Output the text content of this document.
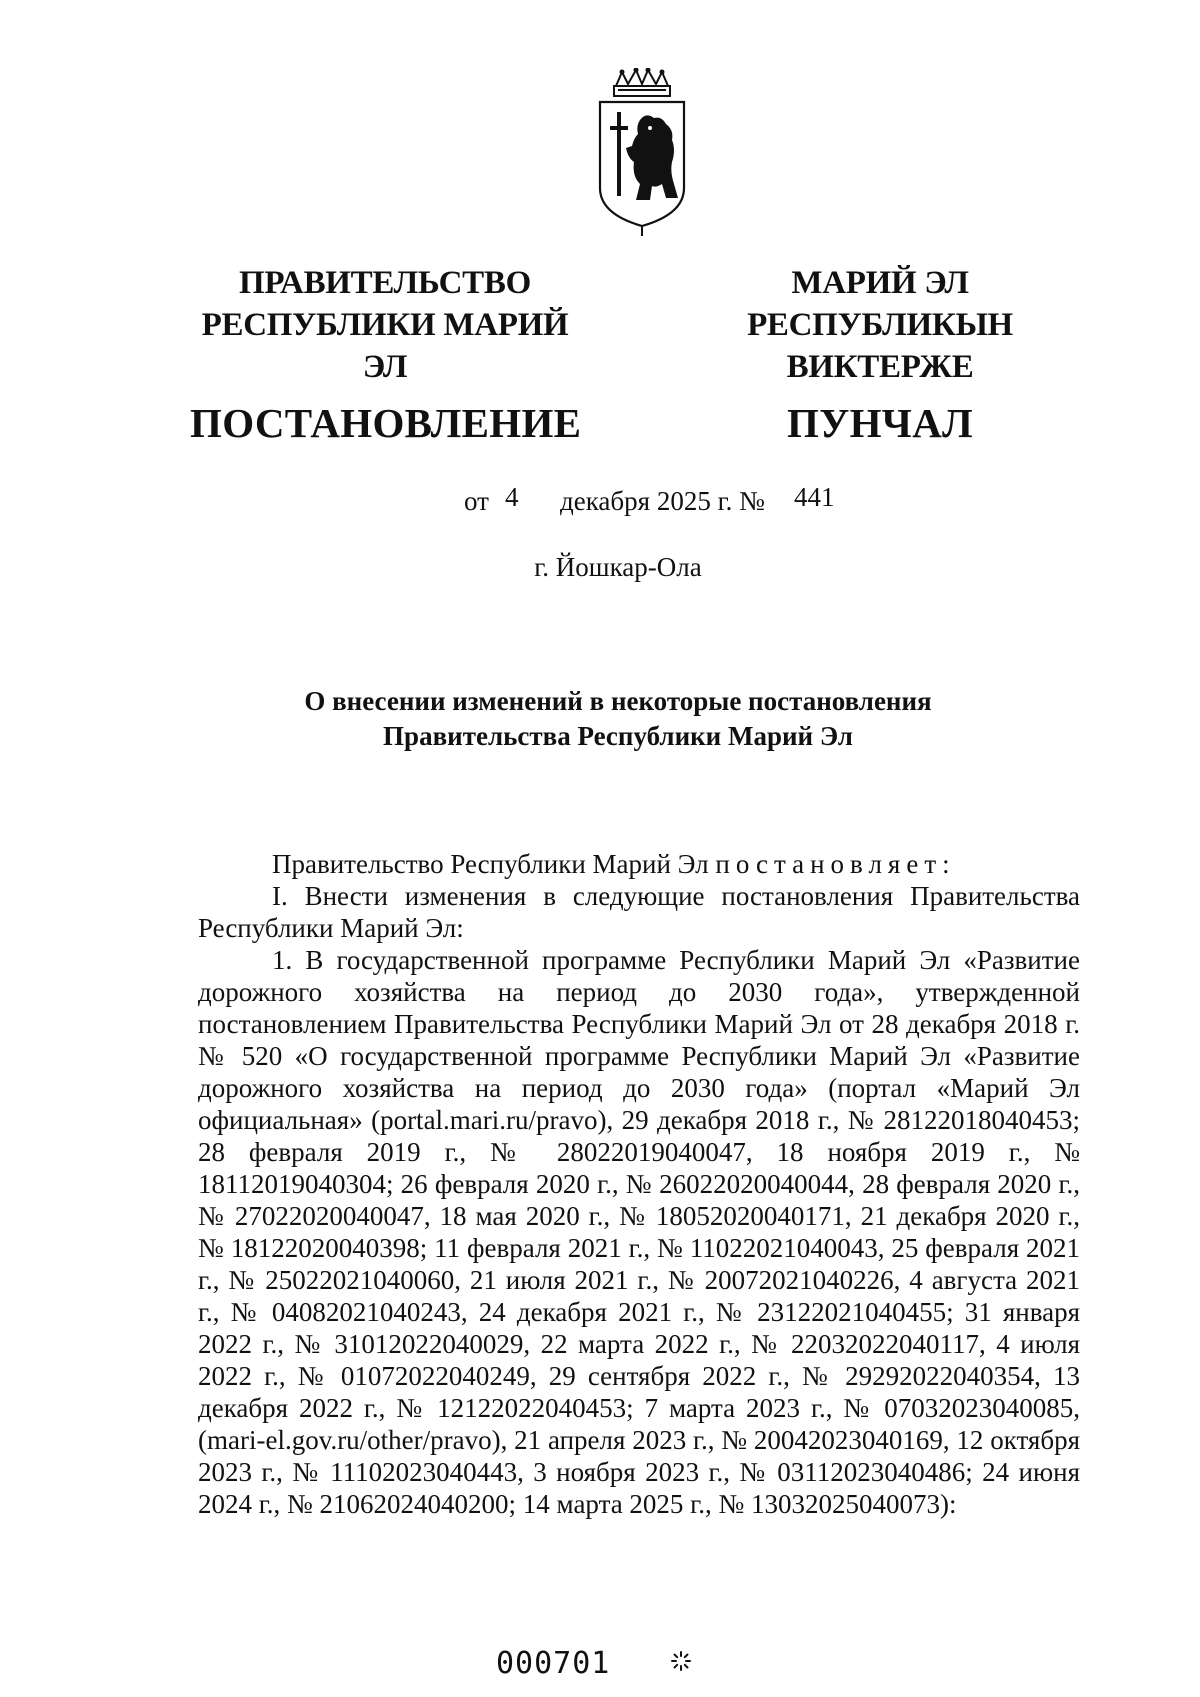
ПРАВИТЕЛЬСТВО
РЕСПУБЛИКИ МАРИЙ ЭЛ
ПОСТАНОВЛЕНИЕ
МАРИЙ ЭЛ РЕСПУБЛИКЫН
ВИКТЕРЖЕ
ПУНЧАЛ
от 4 декабря 2025 г. № 441
г. Йошкар-Ола
О внесении изменений в некоторые постановления
Правительства Республики Марий Эл

Правительство Республики Марий Эл постановляет:

I. Внести изменения в следующие постановления Правительства Республики Марий Эл:

1. В государственной программе Республики Марий Эл «Развитие дорожного хозяйства на период до 2030 года», утвержденной постановлением Правительства Республики Марий Эл от 28 декабря 2018 г. № 520 «О государственной программе Республики Марий Эл «Развитие дорожного хозяйства на период до 2030 года» (портал «Марий Эл официальная» (portal.mari.ru/pravo), 29 декабря 2018 г., № 28122018040453; 28 февраля 2019 г., № 28022019040047, 18 ноября 2019 г., № 18112019040304; 26 февраля 2020 г., № 26022020040044, 28 февраля 2020 г., № 27022020040047, 18 мая 2020 г., № 18052020040171, 21 декабря 2020 г., № 18122020040398; 11 февраля 2021 г., № 11022021040043, 25 февраля 2021 г., № 25022021040060, 21 июля 2021 г., № 20072021040226, 4 августа 2021 г., № 04082021040243, 24 декабря 2021 г., № 23122021040455; 31 января 2022 г., № 31012022040029, 22 марта 2022 г., № 22032022040117, 4 июля 2022 г., № 01072022040249, 29 сентября 2022 г., № 29292022040354, 13 декабря 2022 г., № 12122022040453; 7 марта 2023 г., № 07032023040085, (mari-el.gov.ru/other/pravo), 21 апреля 2023 г., № 20042023040169, 12 октября 2023 г., № 11102023040443, 3 ноября 2023 г., № 03112023040486; 24 июня 2024 г., № 21062024040200; 14 марта 2025 г., № 13032025040073):

000701
